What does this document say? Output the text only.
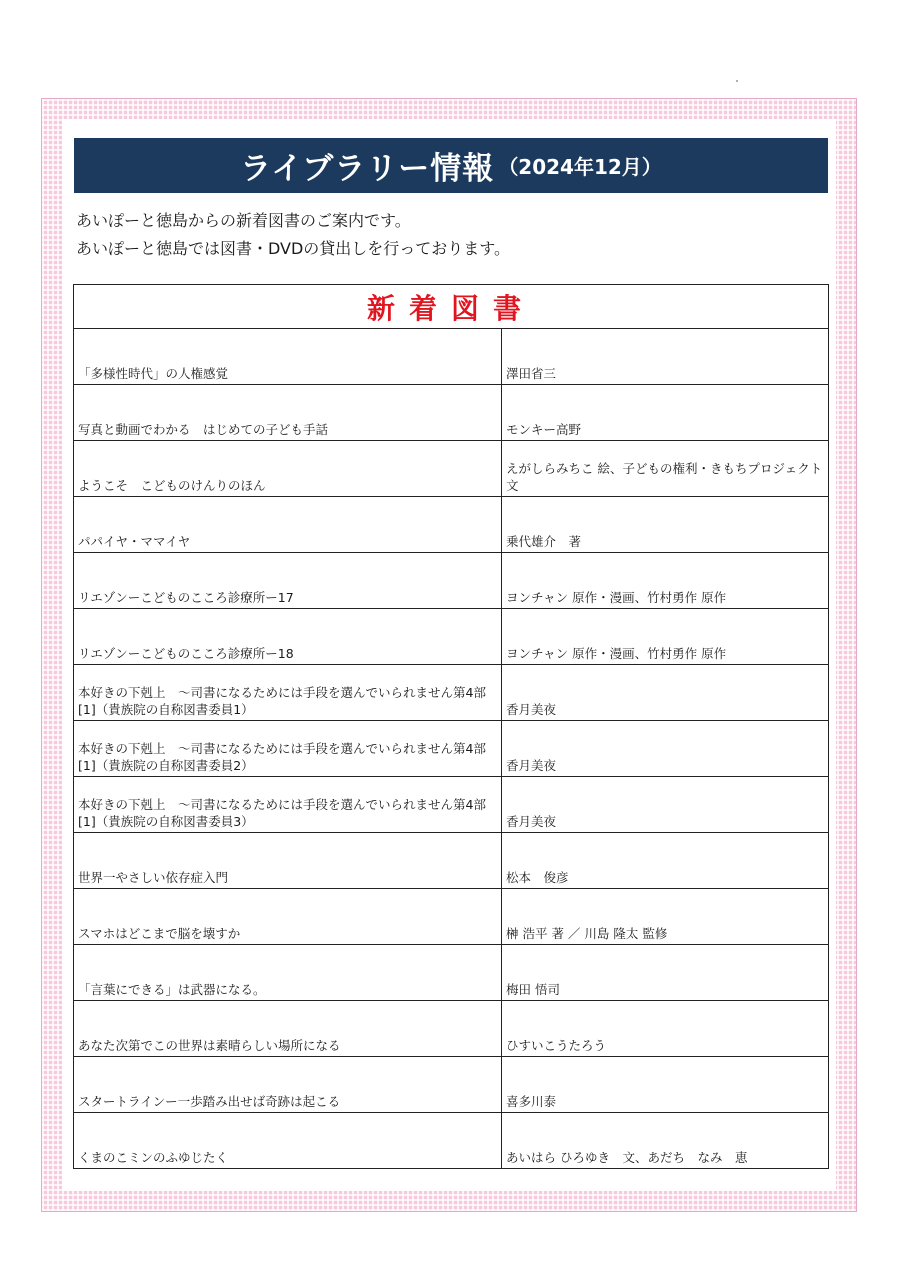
ライブラリー情報 （2024年12月）
あいぽーと徳島からの新着図書のご案内です。
あいぽーと徳島では図書・DVDの貸出しを行っております。
新着図書	
「多様性時代」の人権感覚	澤田省三
写真と動画でわかる　はじめての子ども手話	モンキー高野
ようこそ　こどものけんりのほん	えがしらみちこ 絵、子どもの権利・きもちプロジェクト 文
パパイヤ・ママイヤ	乗代雄介　著
リエゾンーこどものこころ診療所ー17	ヨンチャン 原作・漫画、竹村勇作 原作
リエゾンーこどものこころ診療所ー18	ヨンチャン 原作・漫画、竹村勇作 原作
本好きの下剋上　～司書になるためには手段を選んでいられません第4部[1]（貴族院の自称図書委員1）	香月美夜
本好きの下剋上　～司書になるためには手段を選んでいられません第4部[1]（貴族院の自称図書委員2）	香月美夜
本好きの下剋上　～司書になるためには手段を選んでいられません第4部[1]（貴族院の自称図書委員3）	香月美夜
世界一やさしい依存症入門	松本　俊彦
スマホはどこまで脳を壊すか	榊 浩平 著 ／ 川島 隆太 監修
「言葉にできる」は武器になる。	梅田 悟司
あなた次第でこの世界は素晴らしい場所になる	ひすいこうたろう
スタートラインー一歩踏み出せば奇跡は起こる	喜多川泰
くまのこミンのふゆじたく	あいはら ひろゆき　文、あだち　なみ　恵
